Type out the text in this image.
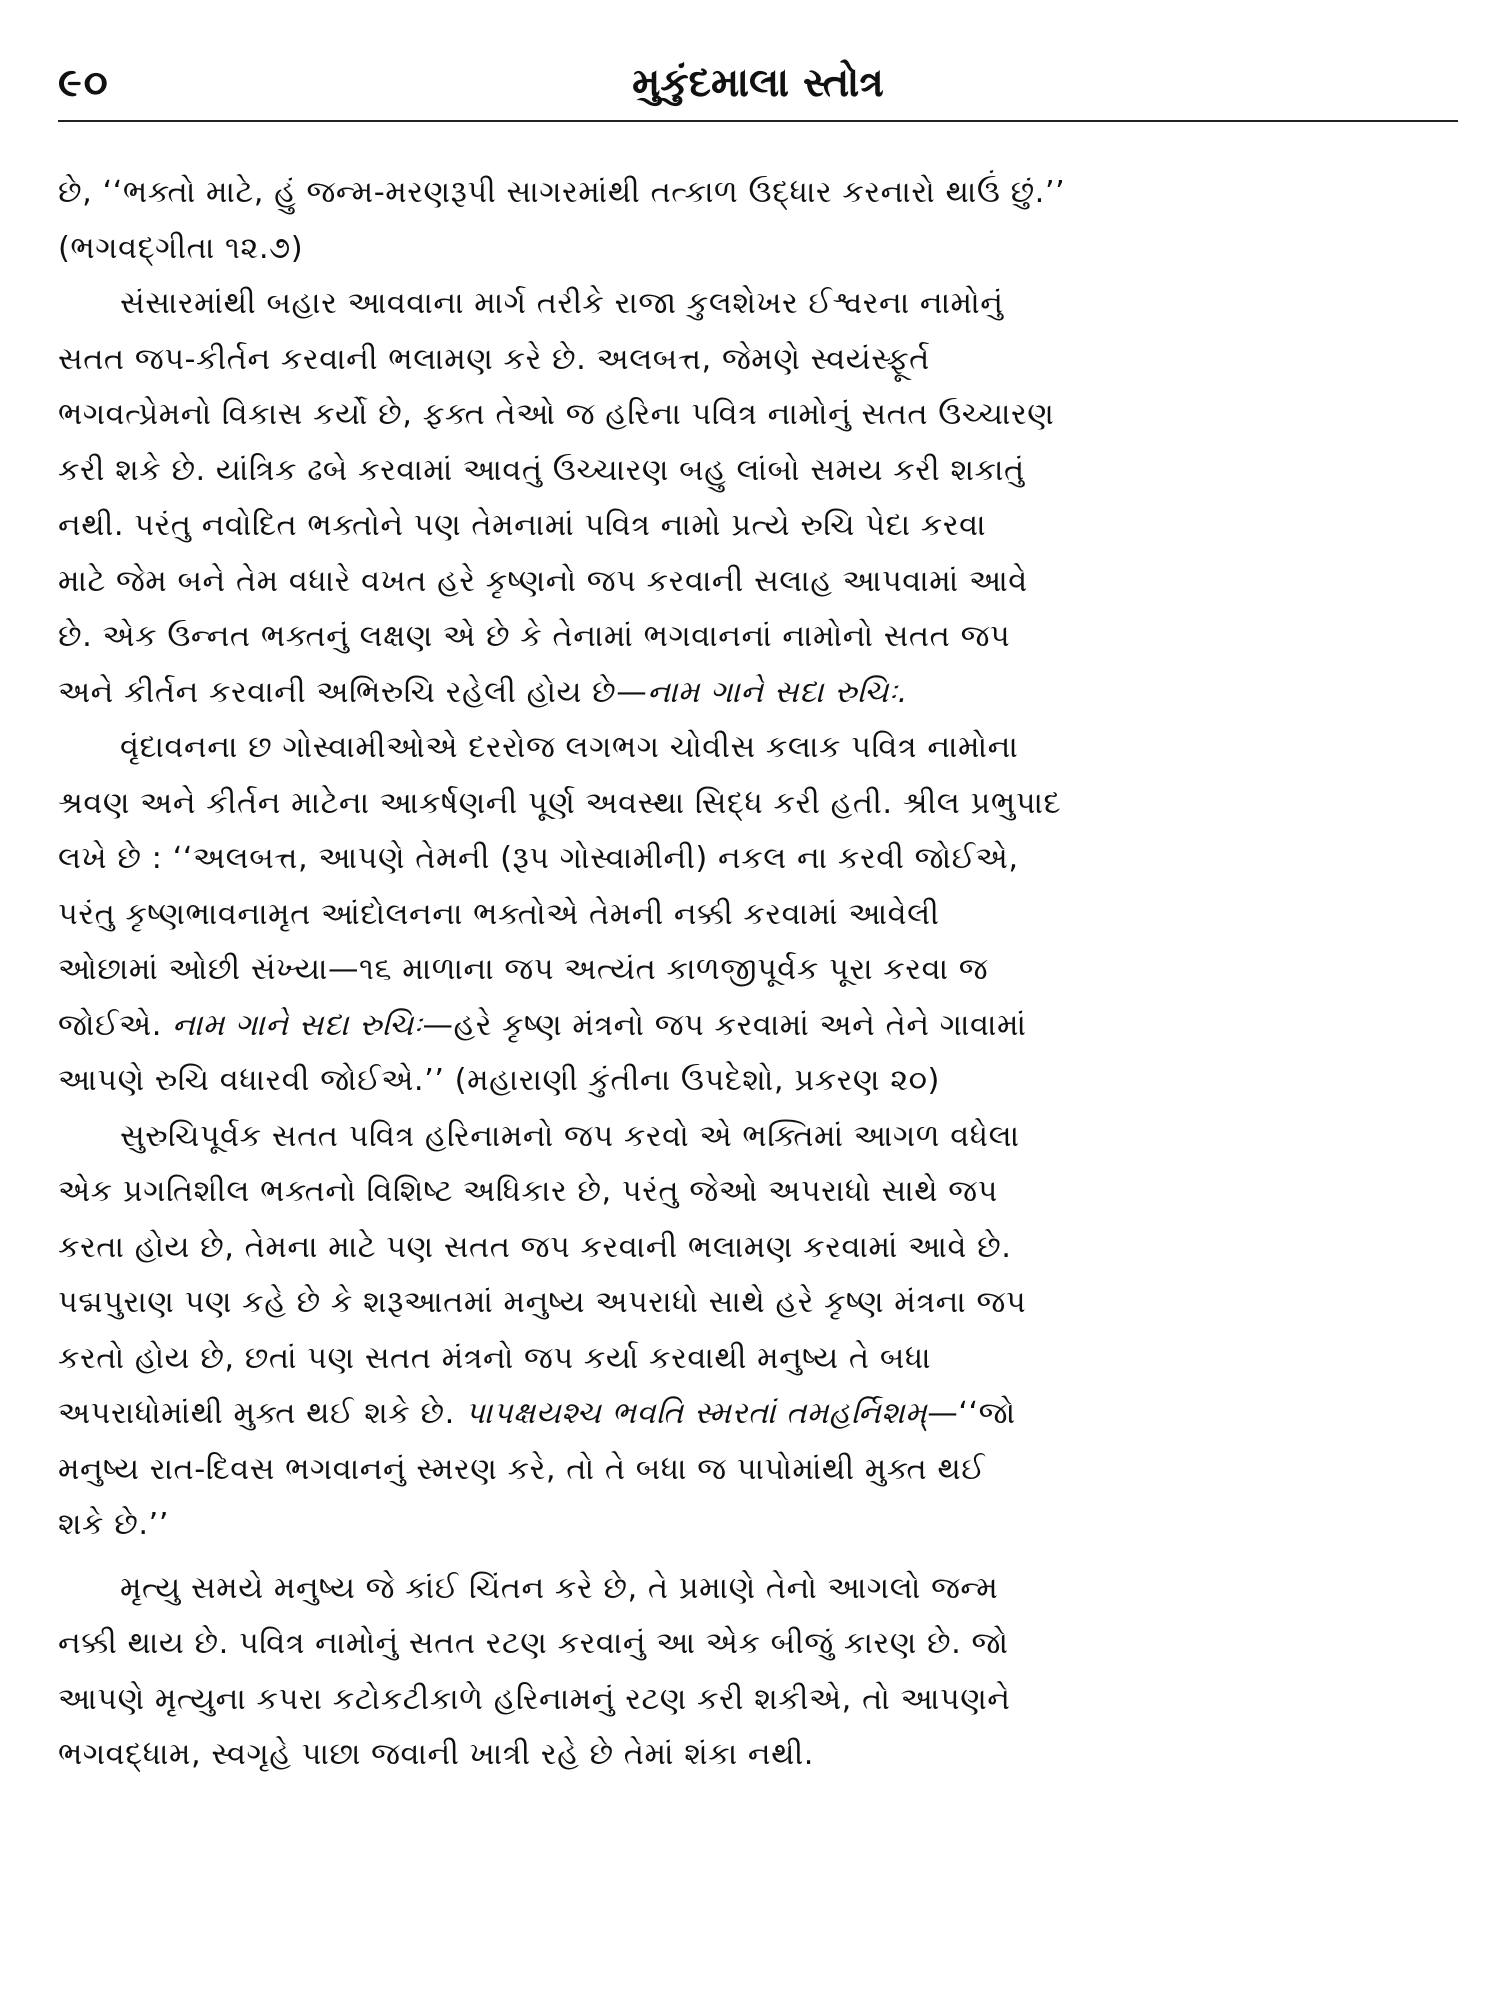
૯૦	મુકુંદમાલા સ્તોત્ર
છે, ‘‘ભક્તો માટે, હું જન્મ-મરણરૂપી સાગરમાંથી તત્કાળ ઉદ્ધાર કરનારો થાઉં છું.’’
(ભગવદ્‌ગીતા ૧૨.૭)
સંસારમાંથી બહાર આવવાના માર્ગ તરીકે રાજા કુલશેખર ઈશ્વરના નામોનું
સતત જપ-કીર્તન કરવાની ભલામણ કરે છે. અલબત્ત, જેમણે સ્વયંસ્ફૂર્ત
ભગવત્પ્રેમનો વિકાસ કર્યો છે, ફક્ત તેઓ જ હરિના પવિત્ર નામોનું સતત ઉચ્ચારણ
કરી શકે છે. યાંત્રિક ઢબે કરવામાં આવતું ઉચ્ચારણ બહુ લાંબો સમય કરી શકાતું
નથી. પરંતુ નવોદિત ભક્તોને પણ તેમનામાં પવિત્ર નામો પ્રત્યે રુચિ પેદા કરવા
માટે જેમ બને તેમ વધારે વખત હરે કૃષ્ણનો જપ કરવાની સલાહ આપવામાં આવે
છે. એક ઉન્નત ભક્તનું લક્ષણ એ છે કે તેનામાં ભગવાનનાં નામોનો સતત જપ
અને કીર્તન કરવાની અભિરુચિ રહેલી હોય છે—નામ ગાને સદા રુચિઃ.
વૃંદાવનના છ ગોસ્વામીઓએ દરરોજ લગભગ ચોવીસ કલાક પવિત્ર નામોના
શ્રવણ અને કીર્તન માટેના આકર્ષણની પૂર્ણ અવસ્થા સિદ્ધ કરી હતી. શ્રીલ પ્રભુપાદ
લખે છે : ‘‘અલબત્ત, આપણે તેમની (રૂપ ગોસ્વામીની) નકલ ના કરવી જોઈએ,
પરંતુ કૃષ્ણભાવનામૃત આંદોલનના ભક્તોએ તેમની નક્કી કરવામાં આવેલી
ઓછામાં ઓછી સંખ્યા—૧૬ માળાના જપ અત્યંત કાળજીપૂર્વક પૂરા કરવા જ
જોઈએ. નામ ગાને સદા રુચિઃ—હરે કૃષ્ણ મંત્રનો જપ કરવામાં અને તેને ગાવામાં
આપણે રુચિ વધારવી જોઈએ.’’ (મહારાણી કુંતીના ઉપદેશો, પ્રકરણ ૨૦)
સુરુચિપૂર્વક સતત પવિત્ર હરિનામનો જપ કરવો એ ભક્તિમાં આગળ વધેલા
એક પ્રગતિશીલ ભક્તનો વિશિષ્ટ અધિકાર છે, પરંતુ જેઓ અપરાધો સાથે જપ
કરતા હોય છે, તેમના માટે પણ સતત જપ કરવાની ભલામણ કરવામાં આવે છે.
પદ્મપુરાણ પણ કહે છે કે શરૂઆતમાં મનુષ્ય અપરાધો સાથે હરે કૃષ્ણ મંત્રના જપ
કરતો હોય છે, છતાં પણ સતત મંત્રનો જપ કર્યા કરવાથી મનુષ્ય તે બધા
અપરાધોમાંથી મુક્ત થઈ શકે છે. પાપક્ષયશ્ચ ભવતિ સ્મરતાં તમહર્નિશમ્—‘‘જો
મનુષ્ય રાત-દિવસ ભગવાનનું સ્મરણ કરે, તો તે બધા જ પાપોમાંથી મુક્ત થઈ
શકે છે.’’
મૃત્યુ સમયે મનુષ્ય જે કાંઈ ચિંતન કરે છે, તે પ્રમાણે તેનો આગલો જન્મ
નક્કી થાય છે. પવિત્ર નામોનું સતત રટણ કરવાનું આ એક બીજું કારણ છે. જો
આપણે મૃત્યુના કપરા કટોકટીકાળે હરિનામનું રટણ કરી શકીએ, તો આપણને
ભગવદ્ધામ, સ્વગૃહે પાછા જવાની ખાત્રી રહે છે તેમાં શંકા નથી.
